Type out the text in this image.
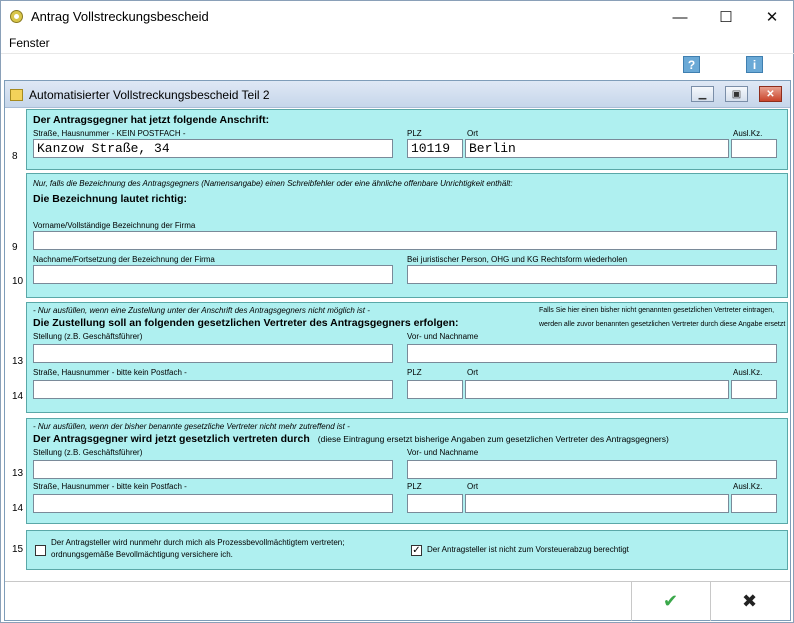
Antrag Vollstreckungsbescheid	—	☐	✕
Fenster
?	i
Automatisierter Vollstreckungsbescheid Teil 2	▁	▣	✕
Der Antragsgegner hat jetzt folgende Anschrift:
Straße, Hausnummer - KEIN POSTFACH -	PLZ	Ort	Ausl.Kz.
Kanzow Straße, 34	10119	Berlin
8
Nur, falls die Bezeichnung des Antragsgegners (Namensangabe) einen Schreibfehler oder eine ähnliche offenbare Unrichtigkeit enthält:
Die Bezeichnung lautet richtig:
Vorname/Vollständige Bezeichnung der Firma
Nachname/Fortsetzung der Bezeichnung der Firma	Bei juristischer Person, OHG und KG Rechtsform wiederholen
9
10
- Nur ausfüllen, wenn eine Zustellung unter der Anschrift des Antragsgegners nicht möglich ist -
Die Zustellung soll an folgenden gesetzlichen Vertreter des Antragsgegners erfolgen:
Falls Sie hier einen bisher nicht genannten gesetzlichen Vertreter eintragen, werden alle zuvor benannten gesetzlichen Vertreter durch diese Angabe ersetzt
Stellung (z.B. Geschäftsführer)	Vor- und Nachname
Straße, Hausnummer - bitte kein Postfach -	PLZ	Ort	Ausl.Kz.
13
14
- Nur ausfüllen, wenn der bisher benannte gesetzliche Vertreter nicht mehr zutreffend ist -
Der Antragsgegner wird jetzt gesetzlich vertreten durch (diese Eintragung ersetzt bisherige Angaben zum gesetzlichen Vertreter des Antragsgegners)
Stellung (z.B. Geschäftsführer)	Vor- und Nachname
Straße, Hausnummer - bitte kein Postfach -	PLZ	Ort	Ausl.Kz.
13
14
Der Antragsteller wird nunmehr durch mich als Prozessbevollmächtigtem vertreten; ordnungsgemäße Bevollmächtigung versichere ich.	✓ Der Antragsteller ist nicht zum Vorsteuerabzug berechtigt
15
✔	✖
